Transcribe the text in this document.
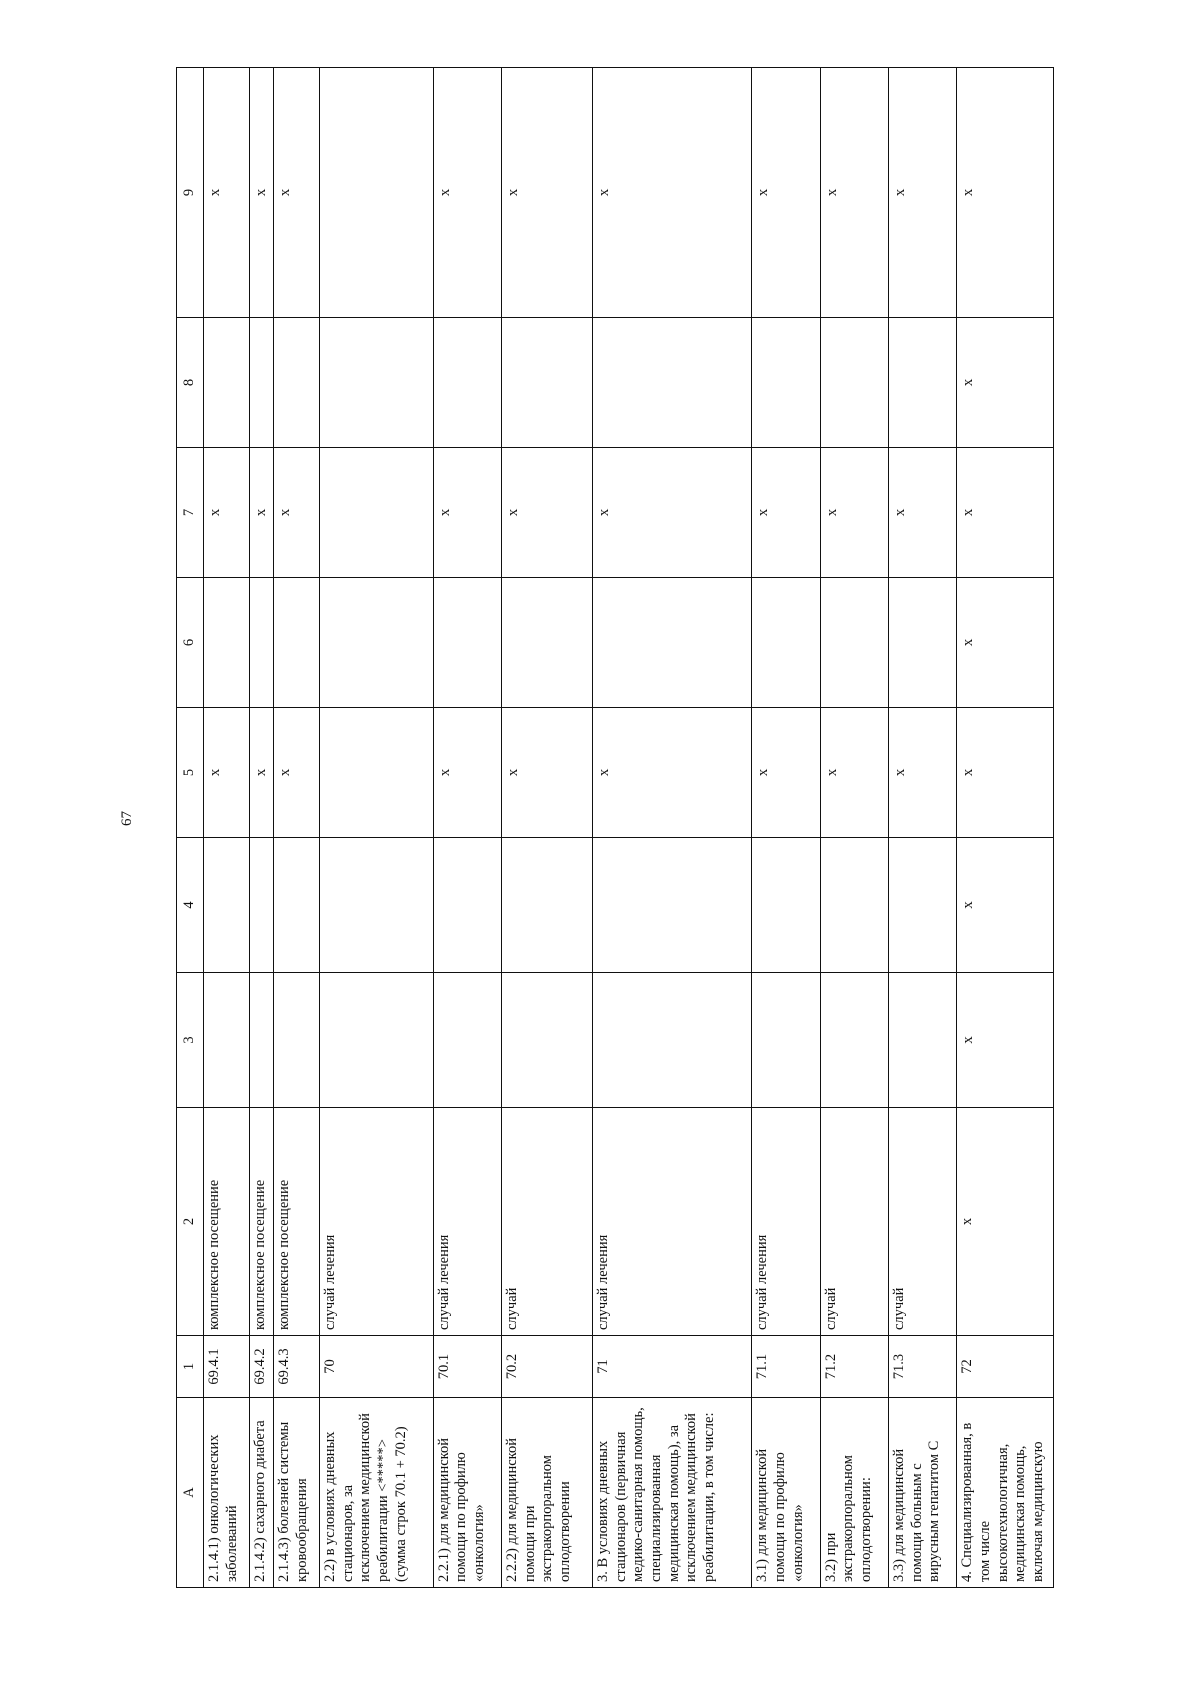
67
A	1	2	3	4	5	6	7	8	9
2.1.4.1) онкологических заболеваний	69.4.1	комплексное посещение			х		х		х
2.1.4.2) сахарного диабета	69.4.2	комплексное посещение			х		х		х
2.1.4.3) болезней системы кровообращения	69.4.3	комплексное посещение			х		х		х
2.2) в условиях дневных стационаров, за исключением медицинской реабилитации <*****> (сумма строк 70.1 + 70.2)	70	случай лечения							
2.2.1) для медицинской помощи по профилю «онкология»	70.1	случай лечения			х		х		х
2.2.2) для медицинской помощи при экстракорпоральном оплодотворении	70.2	случай			х		х		х
3. В условиях дневных стационаров (первичная медико-санитарная помощь, специализированная медицинская помощь), за исключением медицинской реабилитации, в том числе:	71	случай лечения			х		х		х
3.1) для медицинской помощи по профилю «онкология»	71.1	случай лечения			х		х		х
3.2) при экстракорпоральном оплодотворении:	71.2	случай			х		х		х
3.3) для медицинской помощи больным с вирусным гепатитом С	71.3	случай			х		х		х
4. Специализированная, в том числе высокотехнологичная, медицинская помощь, включая медицинскую	72	х	х	х	х	х	х	х	х
